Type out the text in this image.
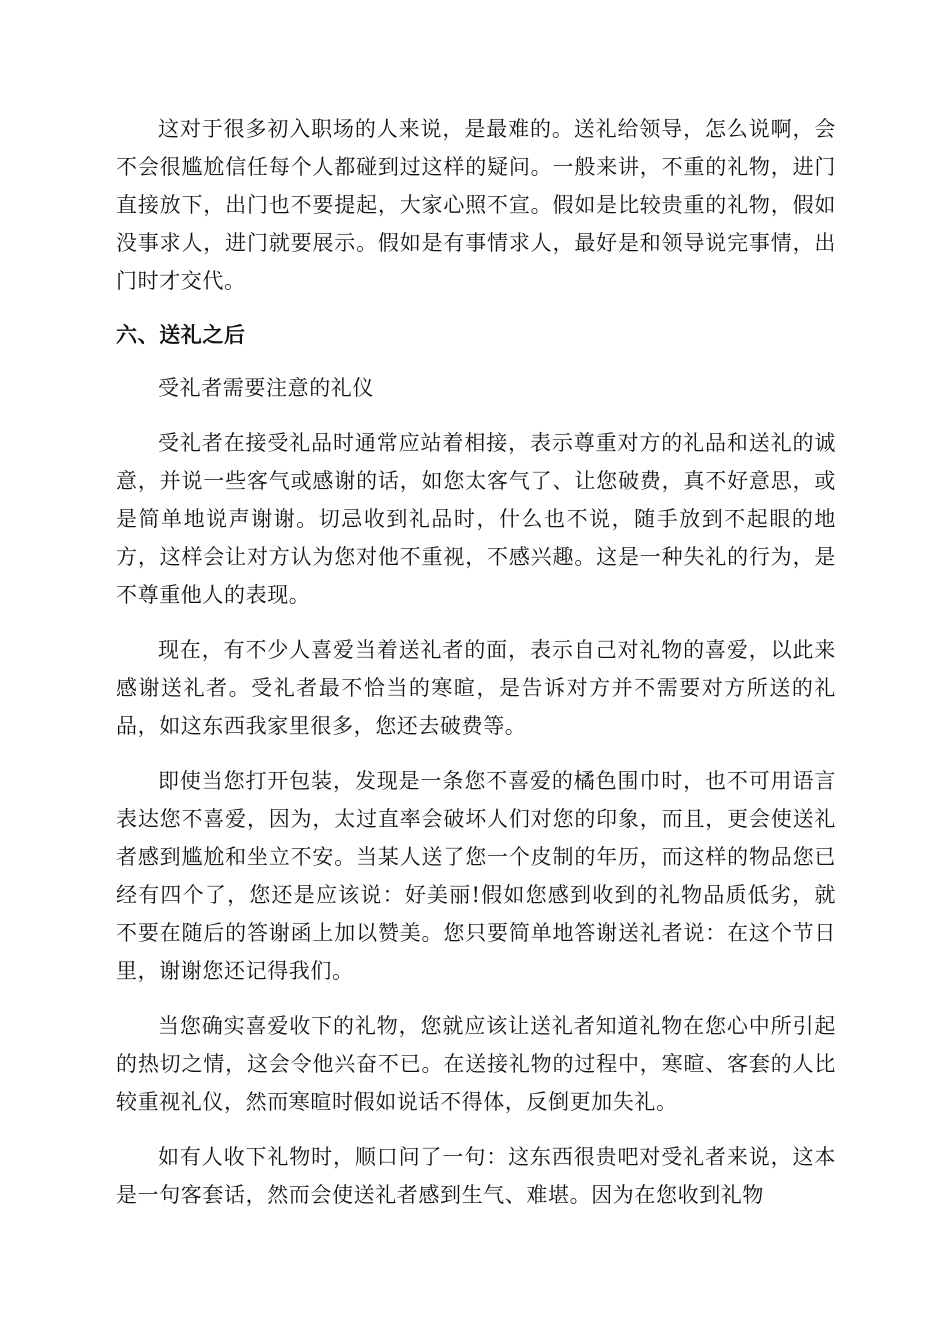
这对于很多初入职场的人来说，是最难的。送礼给领导，怎么说啊，会不会很尴尬信任每个人都碰到过这样的疑问。一般来讲，不重的礼物，进门直接放下，出门也不要提起，大家心照不宣。假如是比较贵重的礼物，假如没事求人，进门就要展示。假如是有事情求人，最好是和领导说完事情，出门时才交代。

六、送礼之后

受礼者需要注意的礼仪

受礼者在接受礼品时通常应站着相接，表示尊重对方的礼品和送礼的诚意，并说一些客气或感谢的话，如您太客气了、让您破费，真不好意思，或是简单地说声谢谢。切忌收到礼品时，什么也不说，随手放到不起眼的地方，这样会让对方认为您对他不重视，不感兴趣。这是一种失礼的行为，是不尊重他人的表现。

现在，有不少人喜爱当着送礼者的面，表示自己对礼物的喜爱，以此来感谢送礼者。受礼者最不恰当的寒暄，是告诉对方并不需要对方所送的礼品，如这东西我家里很多，您还去破费等。

即使当您打开包装，发现是一条您不喜爱的橘色围巾时，也不可用语言表达您不喜爱，因为，太过直率会破坏人们对您的印象，而且，更会使送礼者感到尴尬和坐立不安。当某人送了您一个皮制的年历，而这样的物品您已经有四个了，您还是应该说：好美丽!假如您感到收到的礼物品质低劣，就不要在随后的答谢函上加以赞美。您只要简单地答谢送礼者说：在这个节日里，谢谢您还记得我们。

当您确实喜爱收下的礼物，您就应该让送礼者知道礼物在您心中所引起的热切之情，这会令他兴奋不已。在送接礼物的过程中，寒暄、客套的人比较重视礼仪，然而寒暄时假如说话不得体，反倒更加失礼。

如有人收下礼物时，顺口问了一句：这东西很贵吧对受礼者来说，这本是一句客套话，然而会使送礼者感到生气、难堪。因为在您收到礼物
